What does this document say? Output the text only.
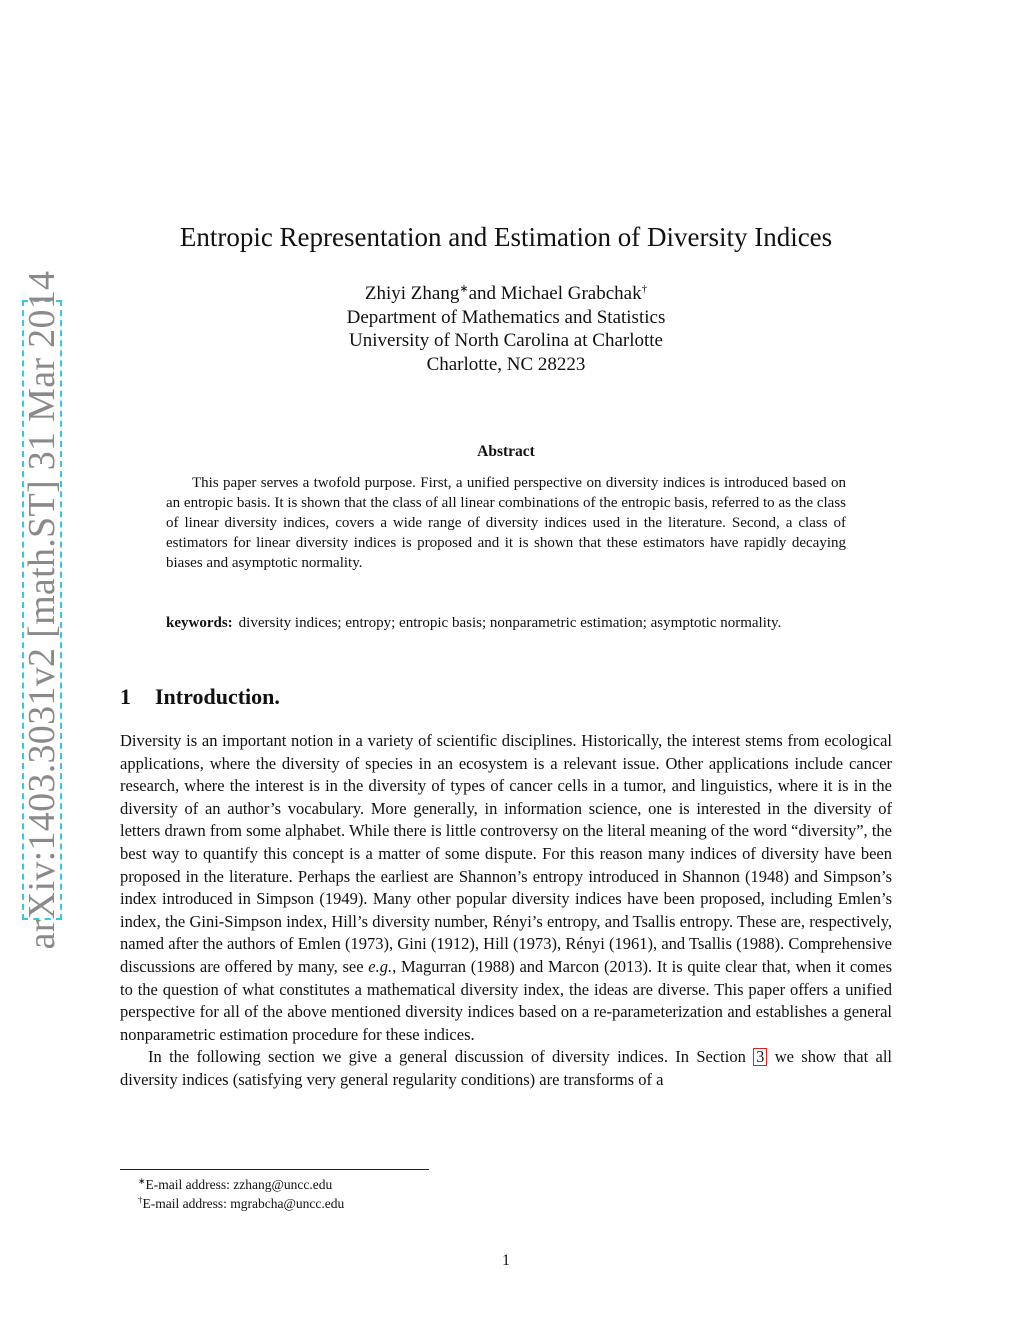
arXiv:1403.3031v2 [math.ST] 31 Mar 2014
Entropic Representation and Estimation of Diversity Indices
Zhiyi Zhang∗and Michael Grabchak†
Department of Mathematics and Statistics
University of North Carolina at Charlotte
Charlotte, NC 28223
Abstract
This paper serves a twofold purpose. First, a unified perspective on diversity indices is introduced based on an entropic basis. It is shown that the class of all linear combinations of the entropic basis, referred to as the class of linear diversity indices, covers a wide range of diversity indices used in the literature. Second, a class of estimators for linear diversity indices is proposed and it is shown that these estimators have rapidly decaying biases and asymptotic normality.
keywords: diversity indices; entropy; entropic basis; nonparametric estimation; asymptotic normality.
1 Introduction.

Diversity is an important notion in a variety of scientific disciplines. Historically, the interest stems from ecological applications, where the diversity of species in an ecosystem is a relevant issue. Other applications include cancer research, where the interest is in the diversity of types of cancer cells in a tumor, and linguistics, where it is in the diversity of an author’s vocabulary. More generally, in information science, one is interested in the diversity of letters drawn from some alphabet. While there is little controversy on the literal meaning of the word “diversity”, the best way to quantify this concept is a matter of some dispute. For this reason many indices of diversity have been proposed in the literature. Perhaps the earliest are Shannon’s entropy introduced in Shannon (1948) and Simpson’s index introduced in Simpson (1949). Many other popular diversity indices have been proposed, including Emlen’s index, the Gini-Simpson index, Hill’s diversity number, Rényi’s entropy, and Tsallis entropy. These are, respectively, named after the authors of Emlen (1973), Gini (1912), Hill (1973), Rényi (1961), and Tsallis (1988). Comprehensive discussions are offered by many, see e.g., Magurran (1988) and Marcon (2013). It is quite clear that, when it comes to the question of what constitutes a mathematical diversity index, the ideas are diverse. This paper offers a unified perspective for all of the above mentioned diversity indices based on a re-parameterization and establishes a general nonparametric estimation procedure for these indices.

In the following section we give a general discussion of diversity indices. In Section 3 we show that all diversity indices (satisfying very general regularity conditions) are transforms of a

∗E-mail address: zzhang@uncc.edu
†E-mail address: mgrabcha@uncc.edu
1
